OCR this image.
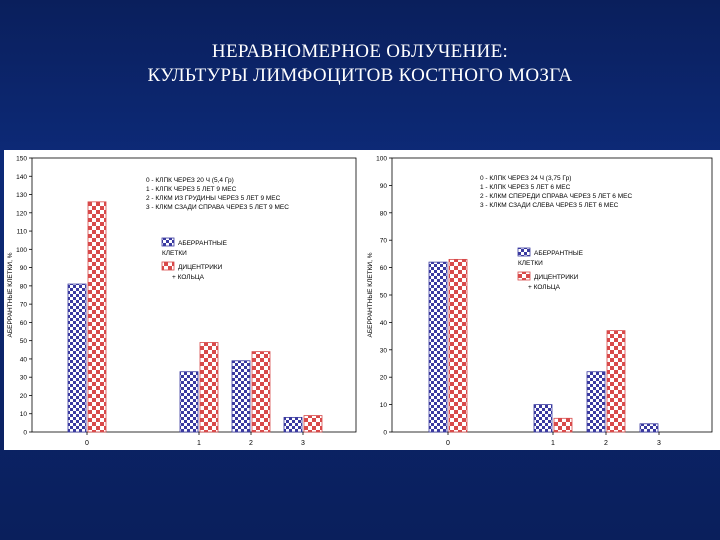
НЕРАВНОМЕРНОЕ ОБЛУЧЕНИЕ:
КУЛЬТУРЫ ЛИМФОЦИТОВ КОСТНОГО МОЗГА
0
10
20
30
40
50
60
70
80
90
100
110
120
130
140
150
АБЕРРАНТНЫЕ КЛЕТКИ, %
0	1	2	3
0 - КЛПК ЧЕРЕЗ 20 Ч (5,4 Гр)
1 - КЛПК ЧЕРЕЗ 5 ЛЕТ 9 МЕС
2 - КЛКМ ИЗ ГРУДИНЫ ЧЕРЕЗ 5 ЛЕТ 9 МЕС
3 - КЛКМ СЗАДИ СПРАВА ЧЕРЕЗ 5 ЛЕТ 9 МЕС
АБЕРРАНТНЫЕ
КЛЕТКИ
ДИЦЕНТРИКИ
+ КОЛЬЦА
0
10
20
30
40
50
60
70
80
90
100
АБЕРРАНТНЫЕ КЛЕТКИ, %
0	1	2	3
0 - КЛПК ЧЕРЕЗ 24 Ч (3,75 Гр)
1 - КЛПК ЧЕРЕЗ 5 ЛЕТ 6 МЕС
2 - КЛКМ СПЕРЕДИ СПРАВА ЧЕРЕЗ 5 ЛЕТ 6 МЕС
3 - КЛКМ СЗАДИ СЛЕВА ЧЕРЕЗ 5 ЛЕТ 6 МЕС
АБЕРРАНТНЫЕ
КЛЕТКИ
ДИЦЕНТРИКИ
+ КОЛЬЦА
